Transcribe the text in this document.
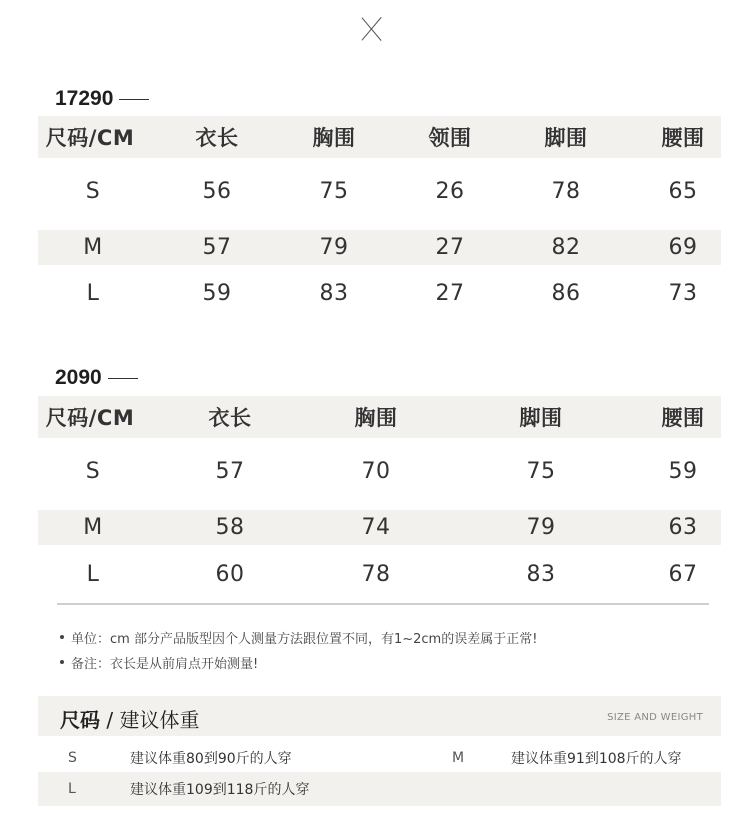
17290
尺码/CM	衣长	胸围	领围	脚围	腰围
S	56	75	26	78	65
M	57	79	27	82	69
L	59	83	27	86	73
2090
尺码/CM	衣长	胸围	脚围	腰围
S	57	70	75	59
M	58	74	79	63
L	60	78	83	67
单位：cm 部分产品版型因个人测量方法跟位置不同，有1~2cm的误差属于正常!
备注：衣长是从前肩点开始测量!
尺码 / 建议体重	SIZE AND WEIGHT
S	建议体重80到90斤的人穿	M	建议体重91到108斤的人穿
L	建议体重109到118斤的人穿
